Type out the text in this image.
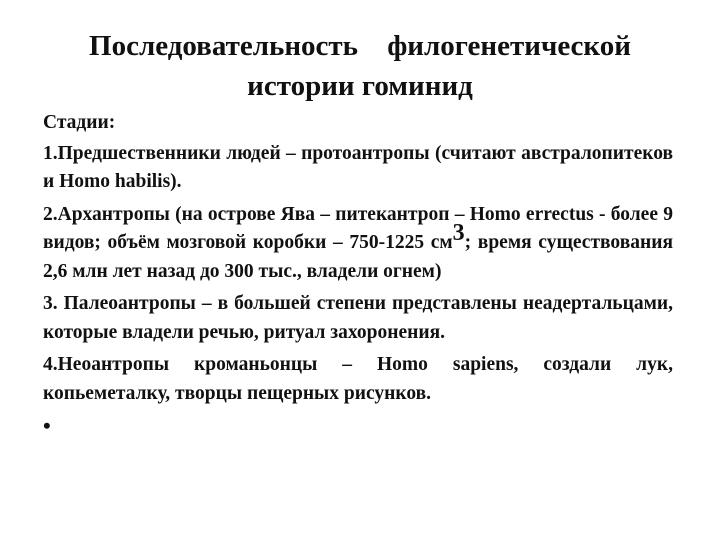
Последовательность филогенетической
истории гоминид
Стадии:
1.Предшественники людей – протоантропы (считают австралопитеков и Homo habilis).
2.Архантропы (на острове Ява – питекантроп – Homo errectus - более 9 видов; объём мозговой коробки – 750-1225 см3; время существования 2,6 млн лет назад до 300 тыс., владели огнем)
3. Палеоантропы – в большей степени представлены неадертальцами, которые владели речью, ритуал захоронения.
4.Неоантропы кроманьонцы – Homo sapiens, создали лук, копьеметалку, творцы пещерных рисунков.
•
